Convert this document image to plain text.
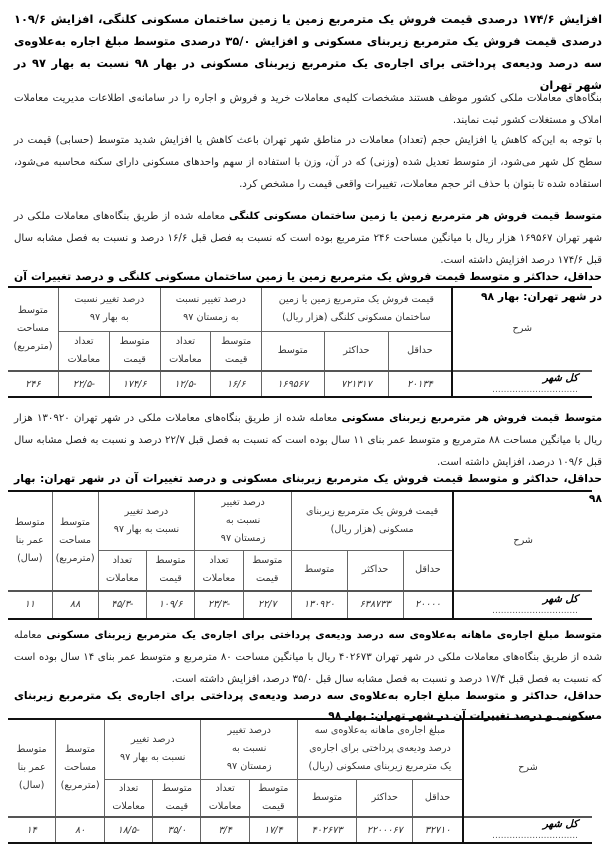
افزایش ۱۷۴/۶ درصدی قیمت فروش یک مترمربع زمین یا زمین ساختمان مسکونی کلنگی، افزایش ۱۰۹/۶ درصدی قیمت فروش یک مترمربع زیربنای مسکونی و افزایش ۳۵/۰ درصدی متوسط مبلغ اجاره به‌علاوه‌ی سه درصد ودیعه‌ی پرداختی برای اجاره‌ی یک مترمربع زیربنای مسکونی در بهار ۹۸ نسبت به بهار ۹۷ در شهر تهران

بنگاه‌های معاملات ملکی کشور موظف هستند مشخصات کلیه‌ی معاملات خرید و فروش و اجاره را در سامانه‌ی اطلاعات مدیریت معاملات املاک و مستغلات کشور ثبت نمایند.

با توجه به این‌که کاهش یا افزایش حجم (تعداد) معاملات در مناطق شهر تهران باعث کاهش یا افزایش شدید متوسط (حسابی) قیمت در سطح کل شهر می‌شود، از متوسط تعدیل شده (وزنی) که در آن، وزن با استفاده از سهم واحدهای مسکونی دارای سکنه محاسبه می‌شود، استفاده شده تا بتوان با حذف اثر حجم معاملات، تغییرات واقعی قیمت را مشخص کرد.

متوسط قیمت فروش هر مترمربع زمین یا زمین ساختمان مسکونی کلنگی معامله شده از طریق بنگاه‌های معاملات ملکی در شهر تهران ۱۶۹۵۶۷ هزار ریال با میانگین مساحت ۲۴۶ مترمربع بوده است که نسبت به فصل قبل ۱۶/۶ درصد و نسبت به فصل مشابه سال قبل ۱۷۴/۶ درصد افزایش داشته است.

حداقل، حداکثر و متوسط قیمت فروش یک مترمربع زمین یا زمین ساختمان مسکونی کلنگی و درصد تغییرات آن در شهر تهران: بهار ۹۸

شرح	قیمت فروش یک مترمربع زمین یا زمین ساختمان مسکونی کلنگی (هزار ریال)			درصد تغییر نسبت به زمستان ۹۷		درصد تغییر نسبت به بهار ۹۷		متوسط مساحت (مترمربع)
	حداقل	حداکثر	متوسط	متوسط قیمت	تعداد معاملات	متوسط قیمت	تعداد معاملات	
کل شهر ..............................	۲۰۱۳۴	۷۲۱۳۱۷	۱۶۹۵۶۷	۱۶/۶	-۱۲/۵	۱۷۴/۶	-۲۲/۵	۲۴۶

متوسط قیمت فروش هر مترمربع زیربنای مسکونی معامله شده از طریق بنگاه‌های معاملات ملکی در شهر تهران ۱۳۰۹۲۰ هزار ریال با میانگین مساحت ۸۸ مترمربع و متوسط عمر بنای ۱۱ سال بوده است که نسبت به فصل قبل ۲۲/۷ درصد و نسبت به فصل مشابه سال قبل ۱۰۹/۶ درصد، افزایش داشته است.

حداقل، حداکثر و متوسط قیمت فروش یک مترمربع زیربنای مسکونی و درصد تغییرات آن در شهر تهران: بهار ۹۸

شرح	قیمت فروش یک مترمربع زیربنای مسکونی (هزار ریال)			درصد تغییر نسبت به زمستان ۹۷		درصد تغییر نسبت به بهار ۹۷		متوسط مساحت (مترمربع)	متوسط عمر بنا (سال)
	حداقل	حداکثر	متوسط	متوسط قیمت	تعداد معاملات	متوسط قیمت	تعداد معاملات		
کل شهر ..............................	۲۰۰۰۰	۶۳۸۷۳۳	۱۳۰۹۲۰	۲۲/۷	-۲۳/۳	۱۰۹/۶	-۴۵/۳	۸۸	۱۱

متوسط مبلغ اجاره‌ی ماهانه به‌علاوه‌ی سه درصد ودیعه‌ی پرداختی برای اجاره‌ی یک مترمربع زیربنای مسکونی معامله شده از طریق بنگاه‌های معاملات ملکی در شهر تهران ۴۰۲۶۷۳ ریال با میانگین مساحت ۸۰ مترمربع و متوسط عمر بنای ۱۴ سال بوده است که نسبت به فصل قبل ۱۷/۴ درصد و نسبت به فصل مشابه سال قبل ۳۵/۰ درصد، افزایش داشته است.

حداقل، حداکثر و متوسط مبلغ اجاره به‌علاوه‌ی سه درصد ودیعه‌ی پرداختی برای اجاره‌ی یک مترمربع زیربنای مسکونی و درصد تغییرات آن در شهر تهران: بهار ۹۸

شرح	مبلغ اجاره‌ی ماهانه به‌علاوه‌ی سه درصد ودیعه‌ی پرداختی برای اجاره‌ی یک مترمربع زیربنای مسکونی (ریال)			درصد تغییر نسبت به زمستان ۹۷		درصد تغییر نسبت به بهار ۹۷		متوسط مساحت (مترمربع)	متوسط عمر بنا (سال)
	حداقل	حداکثر	متوسط	متوسط قیمت	تعداد معاملات	متوسط قیمت	تعداد معاملات		
کل شهر ..............................	۳۲۷۱۰	۲۲۰۰۰۶۷	۴۰۲۶۷۳	۱۷/۴	۳/۴	۳۵/۰	-۱۸/۵	۸۰	۱۴
